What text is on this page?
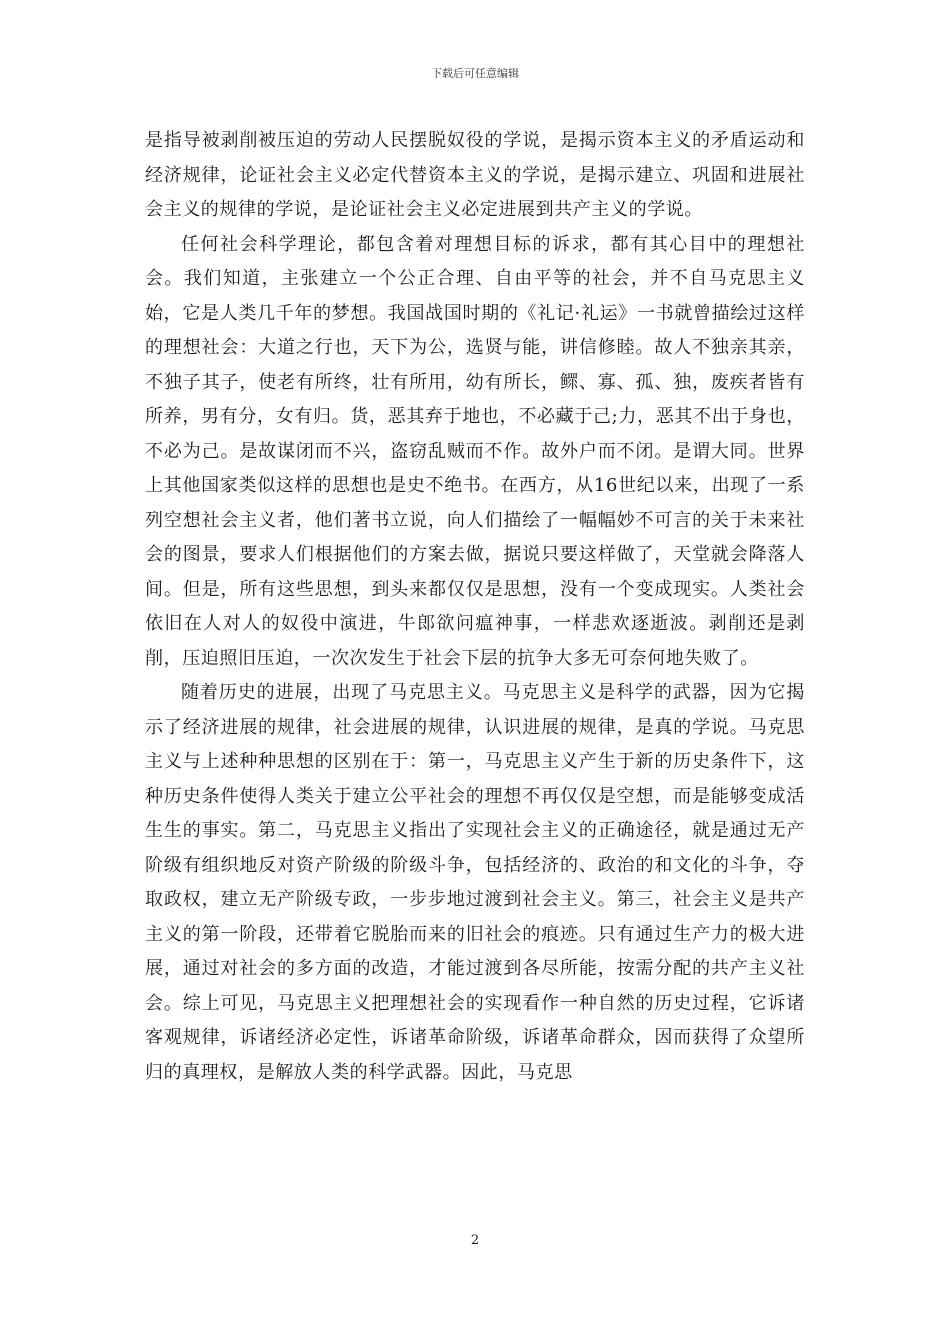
下载后可任意编辑

是指导被剥削被压迫的劳动人民摆脱奴役的学说，是揭示资本主义的矛盾运动和经济规律，论证社会主义必定代替资本主义的学说，是揭示建立、巩固和进展社会主义的规律的学说，是论证社会主义必定进展到共产主义的学说。

任何社会科学理论，都包含着对理想目标的诉求，都有其心目中的理想社会。我们知道，主张建立一个公正合理、自由平等的社会，并不自马克思主义始，它是人类几千年的梦想。我国战国时期的《礼记·礼运》一书就曾描绘过这样的理想社会：大道之行也，天下为公，选贤与能，讲信修睦。故人不独亲其亲，不独子其子，使老有所终，壮有所用，幼有所长，鳏、寡、孤、独，废疾者皆有所养，男有分，女有归。货，恶其弃于地也，不必藏于己;力，恶其不出于身也，不必为己。是故谋闭而不兴，盗窃乱贼而不作。故外户而不闭。是谓大同。世界上其他国家类似这样的思想也是史不绝书。在西方，从16世纪以来，出现了一系列空想社会主义者，他们著书立说，向人们描绘了一幅幅妙不可言的关于未来社会的图景，要求人们根据他们的方案去做，据说只要这样做了，天堂就会降落人间。但是，所有这些思想，到头来都仅仅是思想，没有一个变成现实。人类社会依旧在人对人的奴役中演进，牛郎欲问瘟神事，一样悲欢逐逝波。剥削还是剥削，压迫照旧压迫，一次次发生于社会下层的抗争大多无可奈何地失败了。

随着历史的进展，出现了马克思主义。马克思主义是科学的武器，因为它揭示了经济进展的规律，社会进展的规律，认识进展的规律，是真的学说。马克思主义与上述种种思想的区别在于：第一，马克思主义产生于新的历史条件下，这种历史条件使得人类关于建立公平社会的理想不再仅仅是空想，而是能够变成活生生的事实。第二，马克思主义指出了实现社会主义的正确途径，就是通过无产阶级有组织地反对资产阶级的阶级斗争，包括经济的、政治的和文化的斗争，夺取政权，建立无产阶级专政，一步步地过渡到社会主义。第三，社会主义是共产主义的第一阶段，还带着它脱胎而来的旧社会的痕迹。只有通过生产力的极大进展，通过对社会的多方面的改造，才能过渡到各尽所能，按需分配的共产主义社会。综上可见，马克思主义把理想社会的实现看作一种自然的历史过程，它诉诸客观规律，诉诸经济必定性，诉诸革命阶级，诉诸革命群众，因而获得了众望所归的真理权，是解放人类的科学武器。因此，马克思

2
